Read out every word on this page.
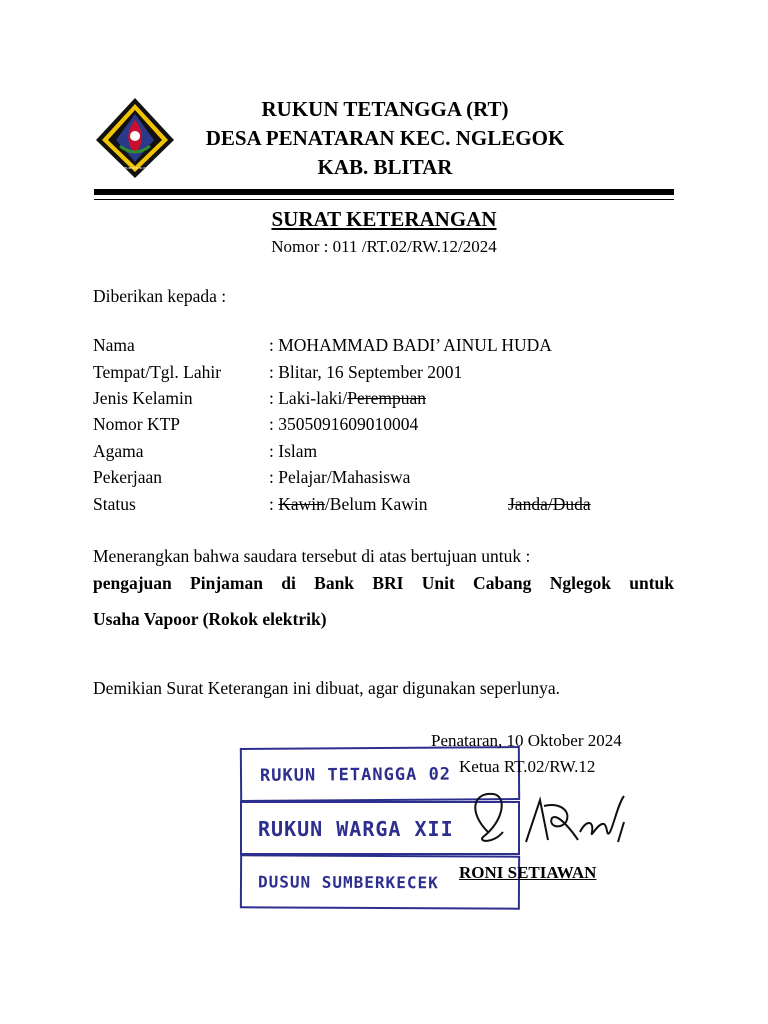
KABUPATEN BLITAR
RUKUN TETANGGA (RT)
DESA PENATARAN KEC. NGLEGOK
KAB. BLITAR
SURAT KETERANGAN
Nomor : 011 /RT.02/RW.12/2024
Diberikan kepada :
Nama	: MOHAMMAD BADI’ AINUL HUDA
Tempat/Tgl. Lahir	: Blitar, 16 September 2001
Jenis Kelamin	: Laki-laki/Perempuan
Nomor KTP	: 3505091609010004
Agama	: Islam
Pekerjaan	: Pelajar/Mahasiswa
Status	: Kawin/Belum Kawin	Janda/Duda
Menerangkan bahwa saudara tersebut di atas bertujuan untuk :
pengajuan Pinjaman di Bank BRI Unit Cabang Nglegok untuk
Usaha Vapoor (Rokok elektrik)
Demikian Surat Keterangan ini dibuat, agar digunakan seperlunya.
RUKUN TETANGGA 02
RUKUN WARGA XII
DUSUN SUMBERKECEK
Penataran, 10 Oktober 2024
Ketua RT.02/RW.12
RONI SETIAWAN
